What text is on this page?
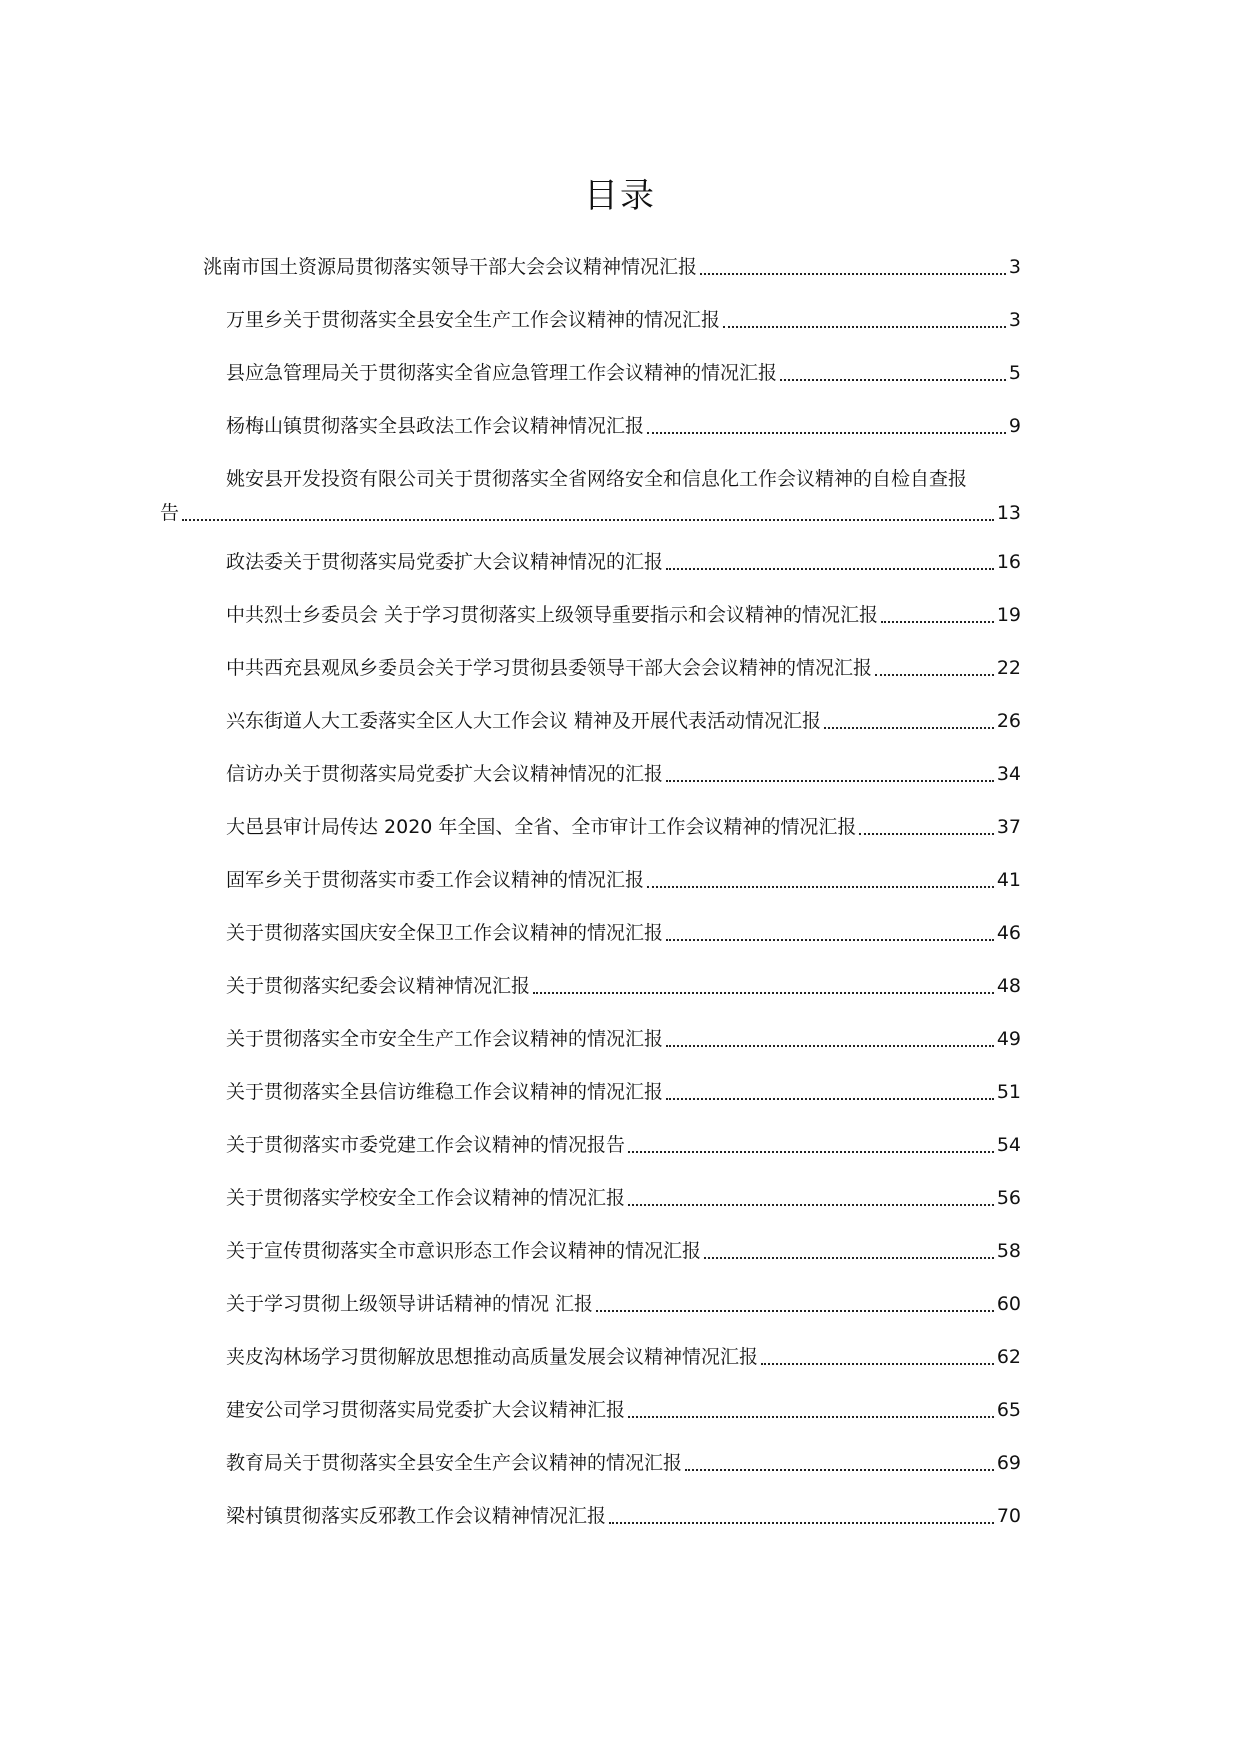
目录
洮南市国土资源局贯彻落实领导干部大会会议精神情况汇报	3
万里乡关于贯彻落实全县安全生产工作会议精神的情况汇报	3
县应急管理局关于贯彻落实全省应急管理工作会议精神的情况汇报	5
杨梅山镇贯彻落实全县政法工作会议精神情况汇报	9
姚安县开发投资有限公司关于贯彻落实全省网络安全和信息化工作会议精神的自检自查报
告	13
政法委关于贯彻落实局党委扩大会议精神情况的汇报	16
中共烈士乡委员会 关于学习贯彻落实上级领导重要指示和会议精神的情况汇报	19
中共西充县观凤乡委员会关于学习贯彻县委领导干部大会会议精神的情况汇报	22
兴东街道人大工委落实全区人大工作会议 精神及开展代表活动情况汇报	26
信访办关于贯彻落实局党委扩大会议精神情况的汇报	34
大邑县审计局传达 2020 年全国、全省、全市审计工作会议精神的情况汇报	37
固军乡关于贯彻落实市委工作会议精神的情况汇报	41
关于贯彻落实国庆安全保卫工作会议精神的情况汇报	46
关于贯彻落实纪委会议精神情况汇报	48
关于贯彻落实全市安全生产工作会议精神的情况汇报	49
关于贯彻落实全县信访维稳工作会议精神的情况汇报	51
关于贯彻落实市委党建工作会议精神的情况报告	54
关于贯彻落实学校安全工作会议精神的情况汇报	56
关于宣传贯彻落实全市意识形态工作会议精神的情况汇报	58
关于学习贯彻上级领导讲话精神的情况 汇报	60
夹皮沟林场学习贯彻解放思想推动高质量发展会议精神情况汇报	62
建安公司学习贯彻落实局党委扩大会议精神汇报	65
教育局关于贯彻落实全县安全生产会议精神的情况汇报	69
梁村镇贯彻落实反邪教工作会议精神情况汇报	70
